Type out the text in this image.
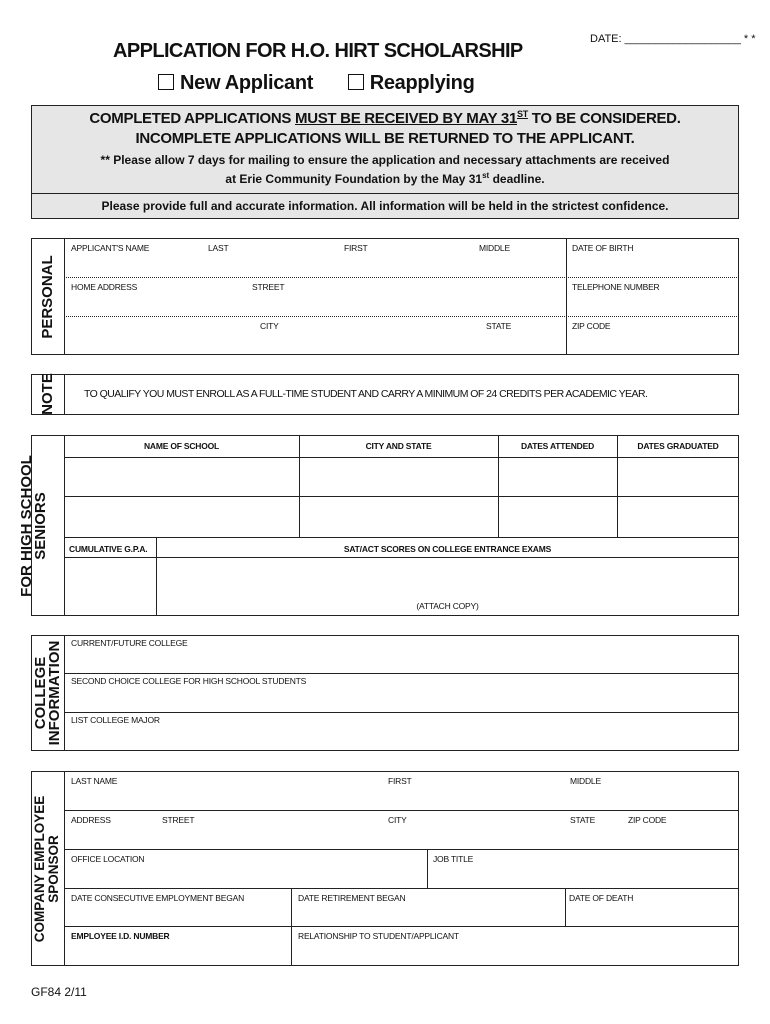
DATE: ___________________ * *
APPLICATION FOR H.O. HIRT SCHOLARSHIP
New Applicant	Reapplying
COMPLETED APPLICATIONS MUST BE RECEIVED BY MAY 31ST TO BE CONSIDERED.
INCOMPLETE APPLICATIONS WILL BE RETURNED TO THE APPLICANT.
** Please allow 7 days for mailing to ensure the application and necessary attachments are received
at Erie Community Foundation by the May 31st deadline.
Please provide full and accurate information. All information will be held in the strictest confidence.
PERSONAL
APPLICANT'S NAME	LAST	FIRST	MIDDLE	DATE OF BIRTH
HOME ADDRESS	STREET	TELEPHONE NUMBER
CITY	STATE	ZIP CODE
NOTE	TO QUALIFY YOU MUST ENROLL AS A FULL-TIME STUDENT AND CARRY A MINIMUM OF 24 CREDITS PER ACADEMIC YEAR.
FOR HIGH SCHOOL
SENIORS
NAME OF SCHOOL	CITY AND STATE	DATES ATTENDED	DATES GRADUATED
CUMULATIVE G.P.A.	SAT/ACT SCORES ON COLLEGE ENTRANCE EXAMS
(ATTACH COPY)
COLLEGE
INFORMATION CURRENT/FUTURE COLLEGE
SECOND CHOICE COLLEGE FOR HIGH SCHOOL STUDENTS
LIST COLLEGE MAJOR
COMPANY EMPLOYEE SPONSOR
LAST NAME	FIRST	MIDDLE
ADDRESS	STREET	CITY	STATE	ZIP CODE
OFFICE LOCATION	JOB TITLE
DATE CONSECUTIVE EMPLOYMENT BEGAN	DATE RETIREMENT BEGAN	DATE OF DEATH
EMPLOYEE I.D. NUMBER	RELATIONSHIP TO STUDENT/APPLICANT
GF84 2/11
